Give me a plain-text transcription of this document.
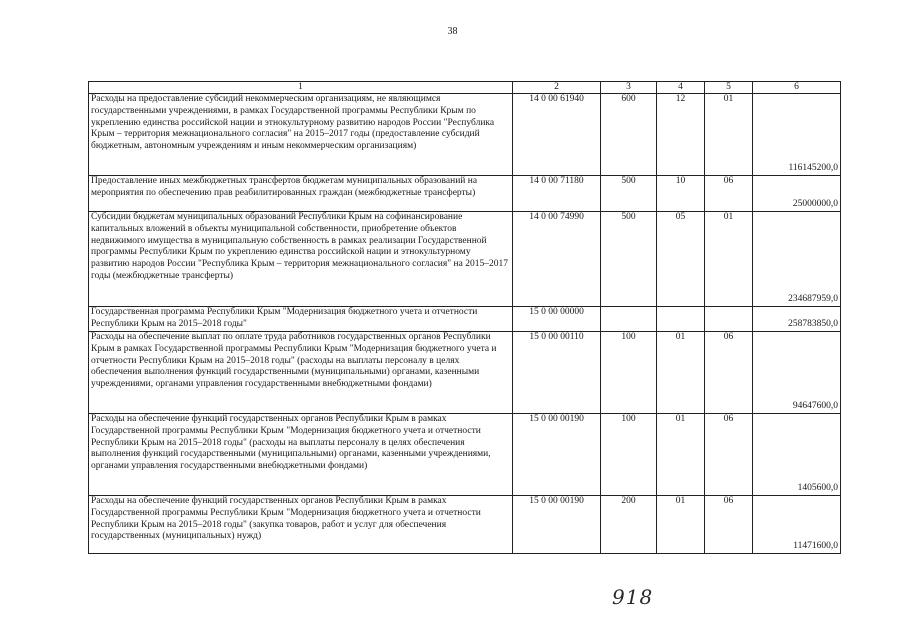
38
1	2	3	4	5	6
Расходы на предоставление субсидий некоммерческим организациям, не являющимся государственными учреждениями, в рамках Государственной программы Республики Крым по укреплению единства российской нации и этнокультурному развитию народов России "Республика Крым – территория межнационального согласия" на 2015–2017 годы (предоставление субсидий бюджетным, автономным учреждениям и иным некоммерческим организациям)	14 0 00 61940	600	12	01	116145200,0
Предоставление иных межбюджетных трансфертов бюджетам муниципальных образований на мероприятия по обеспечению прав реабилитированных граждан (межбюджетные трансферты)	14 0 00 71180	500	10	06	25000000,0
Субсидии бюджетам муниципальных образований Республики Крым на софинансирование капитальных вложений в объекты муниципальной собственности, приобретение объектов недвижимого имущества в муниципальную собственность в рамках реализации Государственной программы Республики Крым по укреплению единства российской нации и этнокультурному развитию народов России "Республика Крым – территория межнационального согласия" на 2015–2017 годы (межбюджетные трансферты)	14 0 00 74990	500	05	01	234687959,0
Государственная программа Республики Крым "Модернизация бюджетного учета и отчетности Республики Крым на 2015–2018 годы"	15 0 00 00000				258783850,0
Расходы на обеспечение выплат по оплате труда работников государственных органов Республики Крым в рамках Государственной программы Республики Крым "Модернизация бюджетного учета и отчетности Республики Крым на 2015–2018 годы" (расходы на выплаты персоналу в целях обеспечения выполнения функций государственными (муниципальными) органами, казенными учреждениями, органами управления государственными внебюджетными фондами)	15 0 00 00110	100	01	06	94647600,0
Расходы на обеспечение функций государственных органов Республики Крым в рамках Государственной программы Республики Крым "Модернизация бюджетного учета и отчетности Республики Крым на 2015–2018 годы" (расходы на выплаты персоналу в целях обеспечения выполнения функций государственными (муниципальными) органами, казенными учреждениями, органами управления государственными внебюджетными фондами)	15 0 00 00190	100	01	06	1405600,0
Расходы на обеспечение функций государственных органов Республики Крым в рамках Государственной программы Республики Крым "Модернизация бюджетного учета и отчетности Республики Крым на 2015–2018 годы" (закупка товаров, работ и услуг для обеспечения государственных (муниципальных) нужд)	15 0 00 00190	200	01	06	11471600,0
918
